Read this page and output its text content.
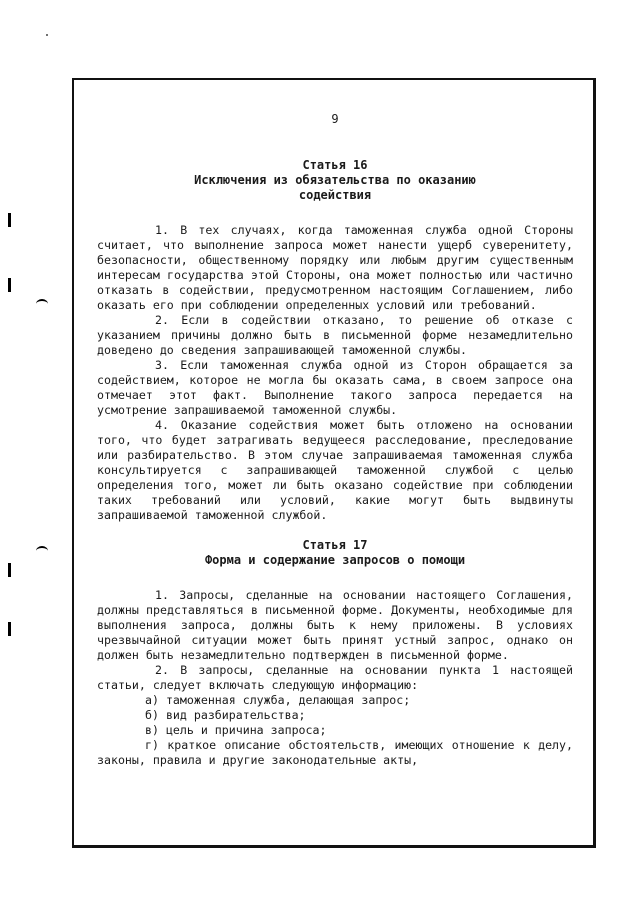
9
Статья 16
Исключения из обязательства по оказанию содействия

1. В тех случаях, когда таможенная служба одной Стороны считает, что выполнение запроса может нанести ущерб суверенитету, безопасности, общественному порядку или любым другим существенным интересам государства этой Стороны, она может полностью или частично отказать в содействии, предусмотренном настоящим Соглашением, либо оказать его при соблюдении определенных условий или требований.

2. Если в содействии отказано, то решение об отказе с указанием причины должно быть в письменной форме незамедлительно доведено до сведения запрашивающей таможенной службы.

3. Если таможенная служба одной из Сторон обращается за содействием, которое не могла бы оказать сама, в своем запросе она отмечает этот факт. Выполнение такого запроса передается на усмотрение запрашиваемой таможенной службы.

4. Оказание содействия может быть отложено на основании того, что будет затрагивать ведущееся расследование, преследование или разбирательство. В этом случае запрашиваемая таможенная служба консультируется с запрашивающей таможенной службой с целью определения того, может ли быть оказано содействие при соблюдении таких требований или условий, какие могут быть выдвинуты запрашиваемой таможенной службой.

Статья 17
Форма и содержание запросов о помощи

1. Запросы, сделанные на основании настоящего Соглашения, должны представляться в письменной форме. Документы, необходимые для выполнения запроса, должны быть к нему приложены. В условиях чрезвычайной ситуации может быть принят устный запрос, однако он должен быть незамедлительно подтвержден в письменной форме.

2. В запросы, сделанные на основании пункта 1 настоящей статьи, следует включать следующую информацию:

а) таможенная служба, делающая запрос;

б) вид разбирательства;

в) цель и причина запроса;

г) краткое описание обстоятельств, имеющих отношение к делу, законы, правила и другие законодательные акты,
